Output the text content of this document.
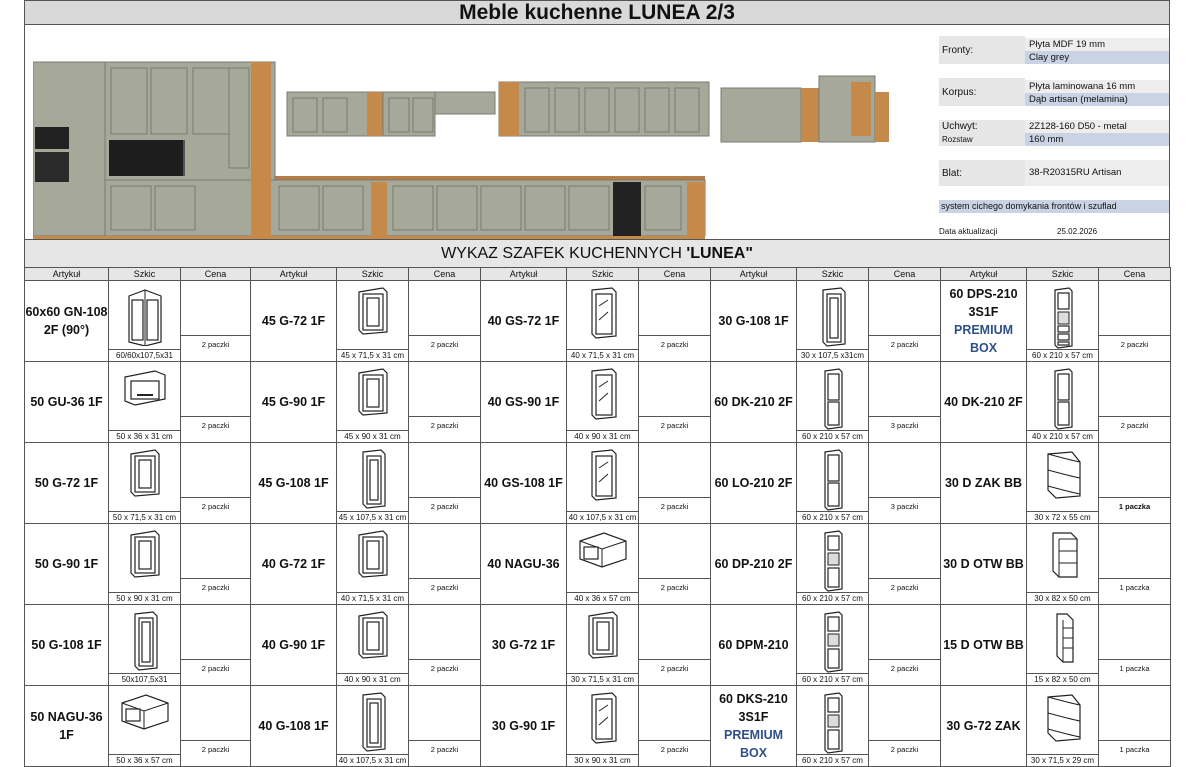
Meble kuchenne LUNEA 2/3
Fronty:	Płyta MDF 19 mm
Clay grey
Korpus:	Płyta laminowana 16 mm
Dąb artisan (melamina)
Uchwyt:	2Z128-160 D50 - metal
Rozstaw	160 mm
Blat:	38-R20315RU Artisan
system cichego domykania frontów i szuflad
Data aktualizacji	25.02.2026
WYKAZ SZAFEK KUCHENNYCH 'LUNEA"
Artykuł	Szkic	Cena	Artykuł	Szkic	Cena	Artykuł	Szkic	Cena	Artykuł	Szkic	Cena	Artykuł	Szkic	Cena
60x60 GN-108 2F (90°)	60/60x107,5x31	2 paczki	45 G-72 1F	45 x 71,5 x 31 cm	2 paczki	40 GS-72 1F	40 x 71,5 x 31 cm	2 paczki	30 G-108 1F	30 x 107,5 x31cm	2 paczki	60 DPS-210 3S1F
PREMIUM BOX	60 x 210 x 57 cm	2 paczki

50 GU-36 1F	50 x 36 x 31 cm	2 paczki	45 G-90 1F	45 x 90 x 31 cm	2 paczki	40 GS-90 1F	40 x 90 x 31 cm	2 paczki	60 DK-210 2F	60 x 210 x 57 cm	3 paczki	40 DK-210 2F	40 x 210 x 57 cm	2 paczki

50 G-72 1F	50 x 71,5 x 31 cm	2 paczki	45 G-108 1F	45 x 107,5 x 31 cm	2 paczki	40 GS-108 1F	40 x 107,5 x 31 cm	2 paczki	60 LO-210 2F	60 x 210 x 57 cm	3 paczki	30 D ZAK BB	30 x 72 x 55 cm	1 paczka

50 G-90 1F	50 x 90 x 31 cm	2 paczki	40 G-72 1F	40 x 71,5 x 31 cm	2 paczki	40 NAGU-36	40 x 36 x 57 cm	2 paczki	60 DP-210 2F	60 x 210 x 57 cm	2 paczki	30 D OTW BB	30 x 82 x 50 cm	1 paczka

50 G-108 1F	50x107,5x31	2 paczki	40 G-90 1F	40 x 90 x 31 cm	2 paczki	30 G-72 1F	30 x 71,5 x 31 cm	2 paczki	60 DPM-210	60 x 210 x 57 cm	2 paczki	15 D OTW BB	15 x 82 x 50 cm	1 paczka

50 NAGU-36 1F	50 x 36 x 57 cm	2 paczki	40 G-108 1F	40 x 107,5 x 31 cm	2 paczki	30 G-90 1F	30 x 90 x 31 cm	2 paczki	60 DKS-210 3S1F
PREMIUM BOX	60 x 210 x 57 cm	2 paczki	30 G-72 ZAK	30 x 71,5 x 29 cm	1 paczka
